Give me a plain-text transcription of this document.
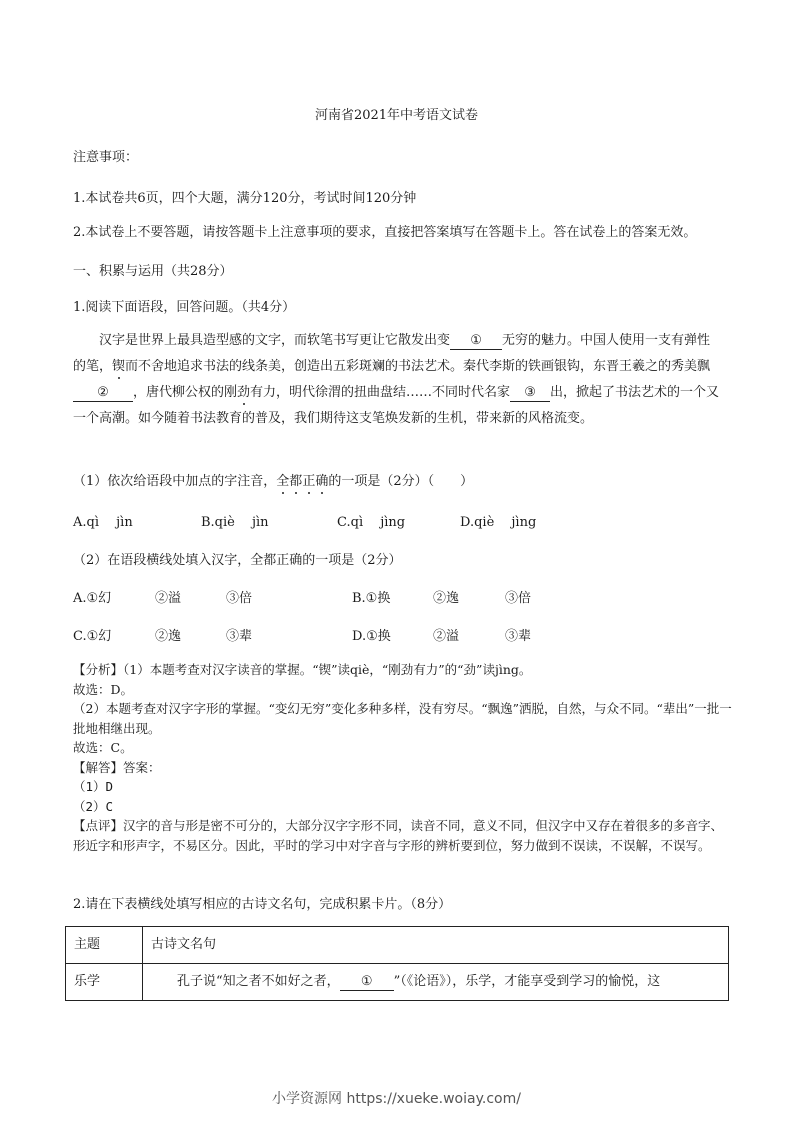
河南省2021年中考语文试卷
注意事项：
1.本试卷共6页，四个大题，满分120分，考试时间120分钟
2.本试卷上不要答题，请按答题卡上注意事项的要求，直接把答案填写在答题卡上。答在试卷上的答案无效。
一、积累与运用（共28分）
1.阅读下面语段，回答问题。（共4分）
汉字是世界上最具造型感的文字，而软笔书写更让它散发出变 ① 无穷的魅力。中国人使用一支有弹性的笔，锲而不舍地追求书法的线条美，创造出五彩斑斓的书法艺术。秦代李斯的铁画银钩，东晋王羲之的秀美飘② ，唐代柳公权的刚劲有力，明代徐渭的扭曲盘结……不同时代名家 ③ 出，掀起了书法艺术的一个又一个高潮。如今随着书法教育的普及，我们期待这支笔焕发新的生机，带来新的风格流变。
（1）依次给语段中加点的字注音，全都正确的一项是（2分）（　　）
A.qì　 jìn	B.qiè　 jìn	C.qì　 jìng	D.qiè　 jìng
（2）在语段横线处填入汉字，全都正确的一项是（2分）
A.①幻	②溢	③倍	B.①换	②逸	③倍
C.①幻	②逸	③辈	D.①换	②溢	③辈
【分析】（1）本题考查对汉字读音的掌握。“锲”读qiè，“刚劲有力”的“劲”读jìng。
故选：D。
（2）本题考查对汉字字形的掌握。“变幻无穷”变化多种多样，没有穷尽。“飘逸”洒脱，自然，与众不同。“辈出”一批一批地相继出现。
故选：C。
【解答】答案：
（1）D
（2）C
【点评】汉字的音与形是密不可分的，大部分汉字字形不同，读音不同，意义不同，但汉字中又存在着很多的多音字、形近字和形声字，不易区分。因此，平时的学习中对字音与字形的辨析要到位，努力做到不误读，不误解，不误写。
2.请在下表横线处填写相应的古诗文名句，完成积累卡片。（8分）
主题	古诗文名句
乐学	孔子说“知之者不如好之者， ① ”（《论语》），乐学，才能享受到学习的愉悦，这
小学资源网 https://xueke.woiay.com/
